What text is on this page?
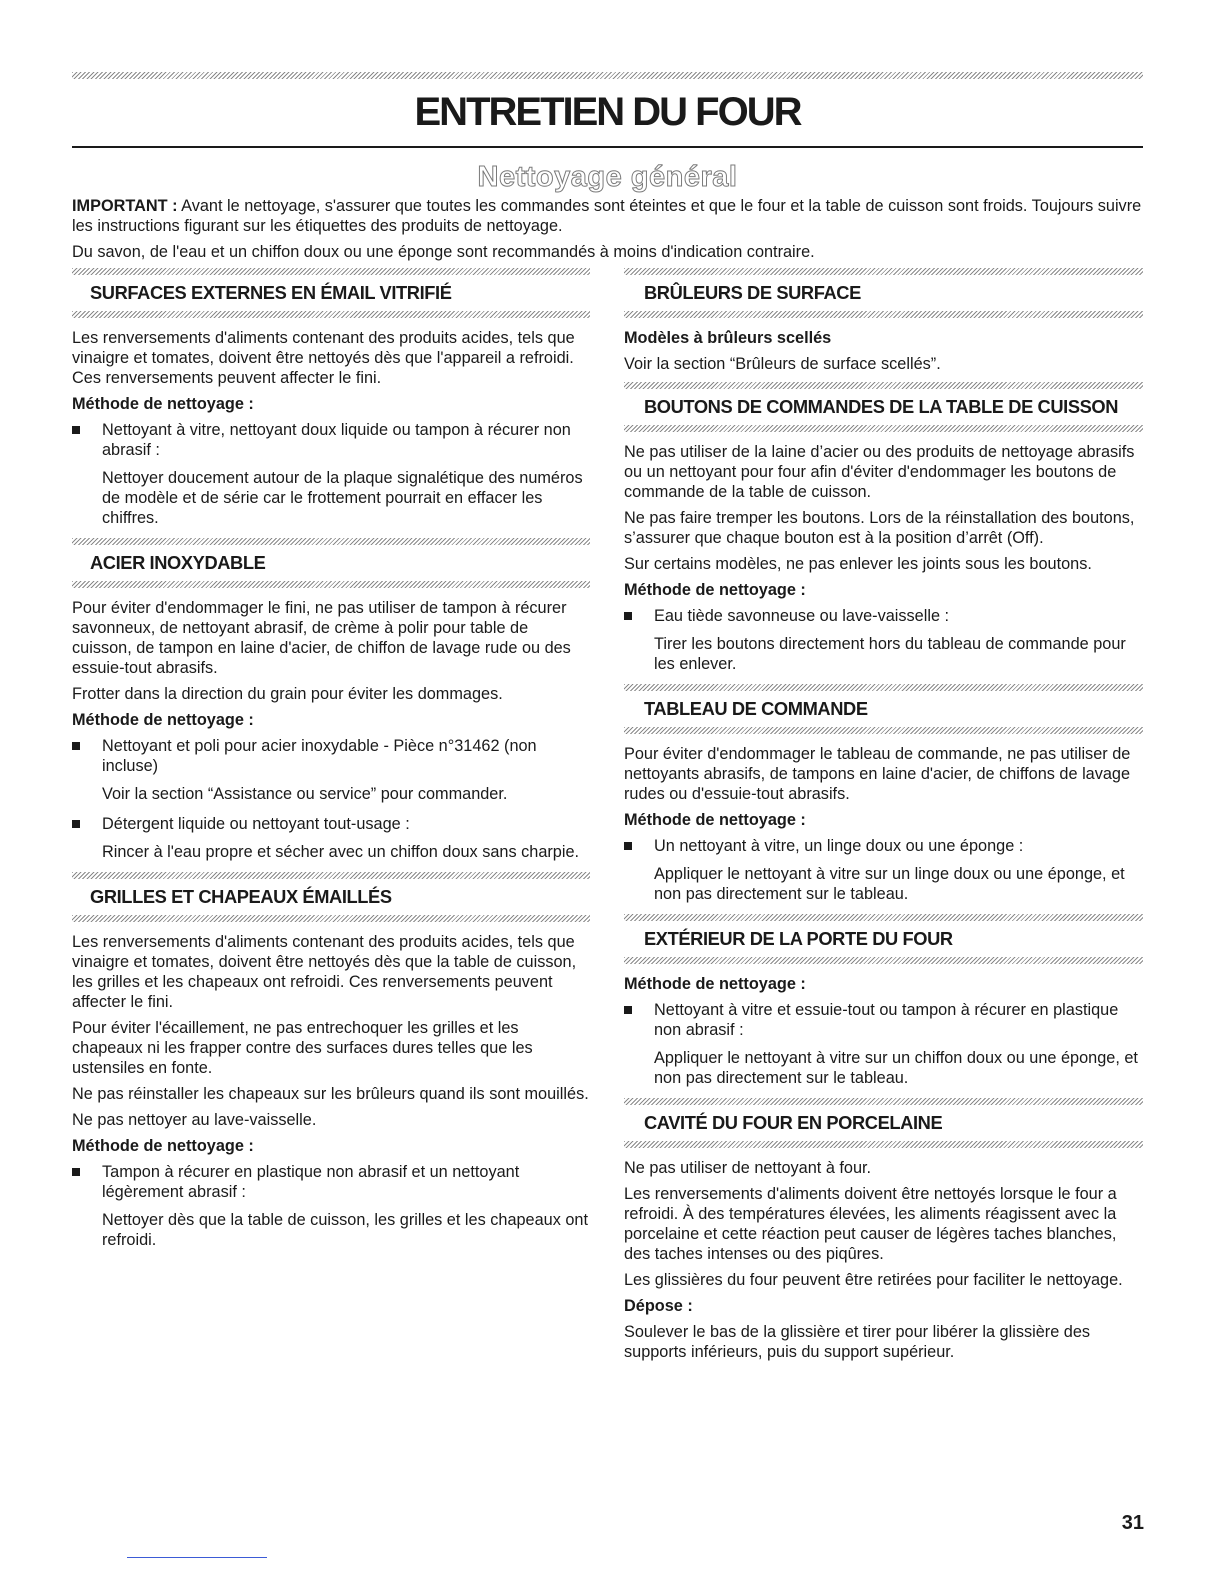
ENTRETIEN DU FOUR
Nettoyage général

IMPORTANT : Avant le nettoyage, s'assurer que toutes les commandes sont éteintes et que le four et la table de cuisson sont froids. Toujours suivre les instructions figurant sur les étiquettes des produits de nettoyage.

Du savon, de l'eau et un chiffon doux ou une éponge sont recommandés à moins d'indication contraire.

SURFACES EXTERNES EN ÉMAIL VITRIFIÉ

Les renversements d'aliments contenant des produits acides, tels que vinaigre et tomates, doivent être nettoyés dès que l'appareil a refroidi. Ces renversements peuvent affecter le fini.

Méthode de nettoyage :

Nettoyant à vitre, nettoyant doux liquide ou tampon à récurer non abrasif :

Nettoyer doucement autour de la plaque signalétique des numéros de modèle et de série car le frottement pourrait en effacer les chiffres.

ACIER INOXYDABLE

Pour éviter d'endommager le fini, ne pas utiliser de tampon à récurer savonneux, de nettoyant abrasif, de crème à polir pour table de cuisson, de tampon en laine d'acier, de chiffon de lavage rude ou des essuie-tout abrasifs.

Frotter dans la direction du grain pour éviter les dommages.

Méthode de nettoyage :

Nettoyant et poli pour acier inoxydable - Pièce n°31462 (non incluse)

Voir la section “Assistance ou service” pour commander.

Détergent liquide ou nettoyant tout-usage :

Rincer à l'eau propre et sécher avec un chiffon doux sans charpie.

GRILLES ET CHAPEAUX ÉMAILLÉS

Les renversements d'aliments contenant des produits acides, tels que vinaigre et tomates, doivent être nettoyés dès que la table de cuisson, les grilles et les chapeaux ont refroidi. Ces renversements peuvent affecter le fini.

Pour éviter l'écaillement, ne pas entrechoquer les grilles et les chapeaux ni les frapper contre des surfaces dures telles que les ustensiles en fonte.

Ne pas réinstaller les chapeaux sur les brûleurs quand ils sont mouillés.

Ne pas nettoyer au lave-vaisselle.

Méthode de nettoyage :

Tampon à récurer en plastique non abrasif et un nettoyant légèrement abrasif :

Nettoyer dès que la table de cuisson, les grilles et les chapeaux ont refroidi.

BRÛLEURS DE SURFACE

Modèles à brûleurs scellés

Voir la section “Brûleurs de surface scellés”.

BOUTONS DE COMMANDES DE LA TABLE DE CUISSON

Ne pas utiliser de la laine d’acier ou des produits de nettoyage abrasifs ou un nettoyant pour four afin d'éviter d'endommager les boutons de commande de la table de cuisson.

Ne pas faire tremper les boutons. Lors de la réinstallation des boutons, s’assurer que chaque bouton est à la position d’arrêt (Off).

Sur certains modèles, ne pas enlever les joints sous les boutons.

Méthode de nettoyage :

Eau tiède savonneuse ou lave-vaisselle :

Tirer les boutons directement hors du tableau de commande pour les enlever.

TABLEAU DE COMMANDE

Pour éviter d'endommager le tableau de commande, ne pas utiliser de nettoyants abrasifs, de tampons en laine d'acier, de chiffons de lavage rudes ou d'essuie-tout abrasifs.

Méthode de nettoyage :

Un nettoyant à vitre, un linge doux ou une éponge :

Appliquer le nettoyant à vitre sur un linge doux ou une éponge, et non pas directement sur le tableau.

EXTÉRIEUR DE LA PORTE DU FOUR

Méthode de nettoyage :

Nettoyant à vitre et essuie-tout ou tampon à récurer en plastique non abrasif :

Appliquer le nettoyant à vitre sur un chiffon doux ou une éponge, et non pas directement sur le tableau.

CAVITÉ DU FOUR EN PORCELAINE

Ne pas utiliser de nettoyant à four.

Les renversements d'aliments doivent être nettoyés lorsque le four a refroidi. À des températures élevées, les aliments réagissent avec la porcelaine et cette réaction peut causer de légères taches blanches, des taches intenses ou des piqûres.

Les glissières du four peuvent être retirées pour faciliter le nettoyage.

Dépose :

Soulever le bas de la glissière et tirer pour libérer la glissière des supports inférieurs, puis du support supérieur.

31
